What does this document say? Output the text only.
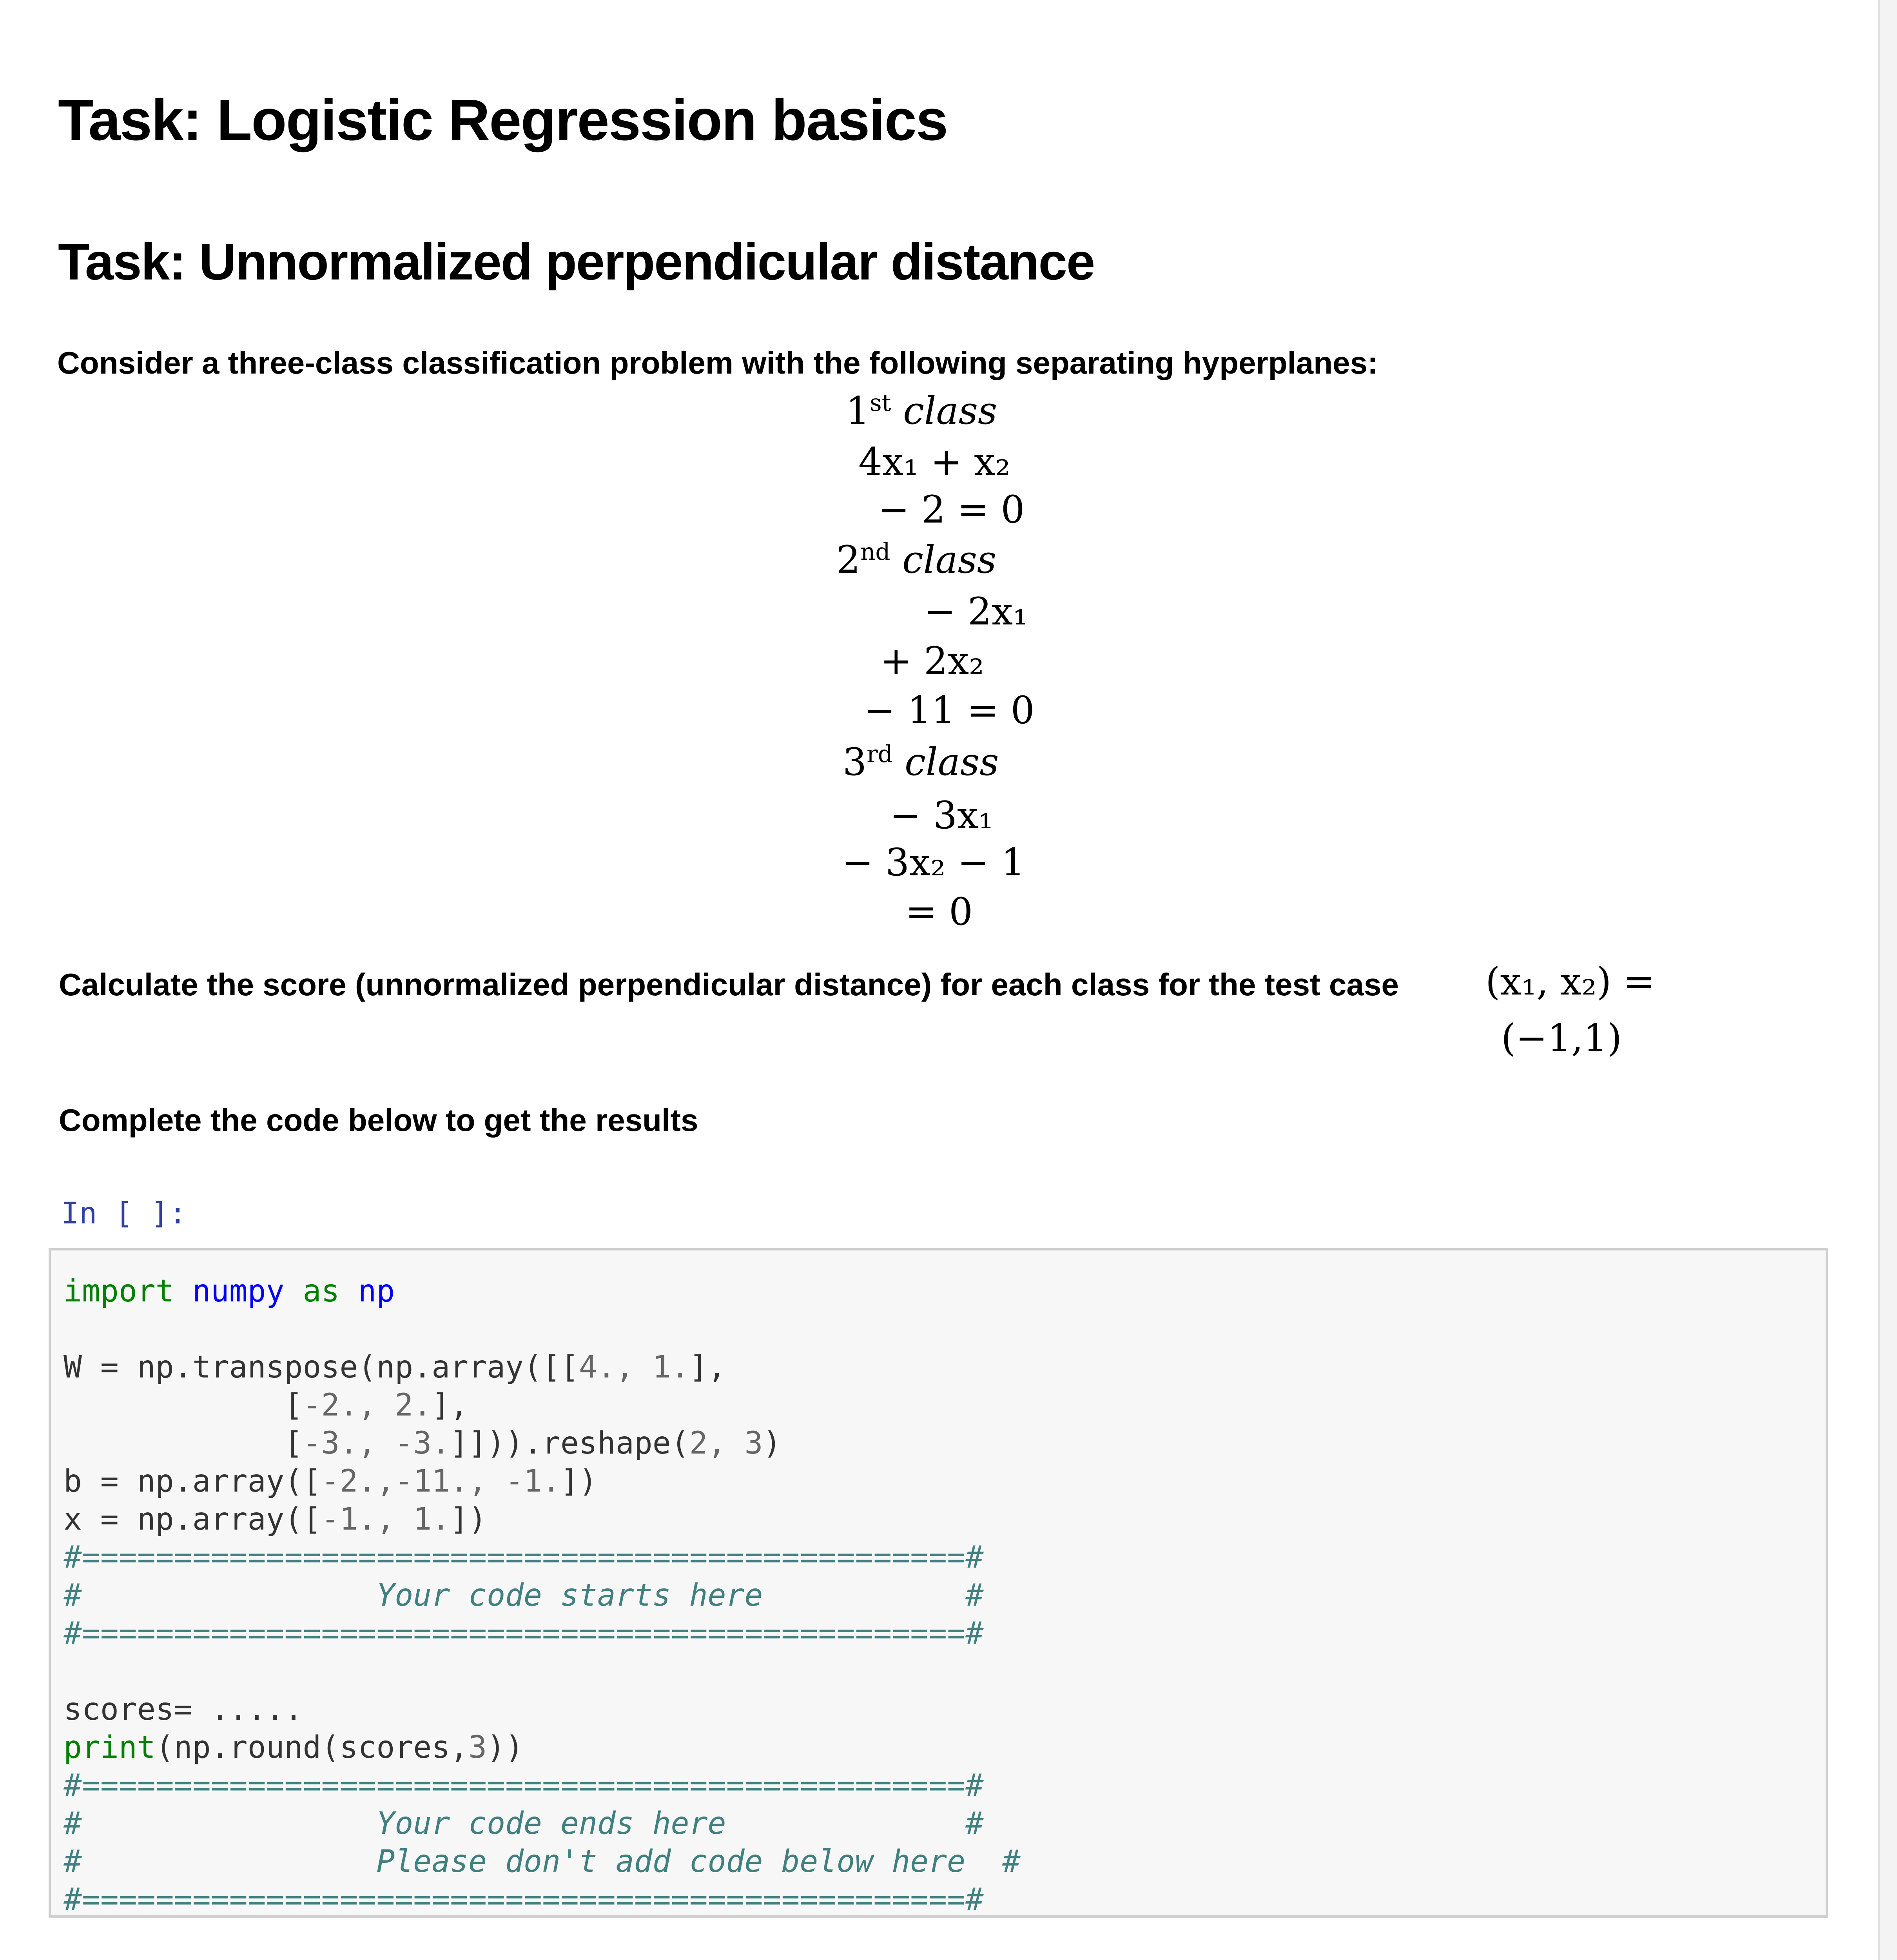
Task: Logistic Regression basics
Task: Unnormalized perpendicular distance
Consider a three-class classification problem with the following separating hyperplanes:
1st class
4x₁ + x₂
− 2 = 0
2nd class
− 2x₁
+ 2x₂
− 11 = 0
3rd class
− 3x₁
− 3x₂ − 1
= 0
Calculate the score (unnormalized perpendicular distance) for each class for the test case (x₁, x₂) =
(−1,1)
Complete the code below to get the results
In [ ]:
import numpy as np

W = np.transpose(np.array([[4., 1.],
[-2., 2.],
[-3., -3.]])).reshape(2, 3)
b = np.array([-2.,-11., -1.])
x = np.array([-1., 1.])
#================================================#
#                Your code starts here           #
#================================================#

scores= .....
print(np.round(scores,3))
#================================================#
#                Your code ends here             #
#                Please don't add code below here  #
#================================================#
